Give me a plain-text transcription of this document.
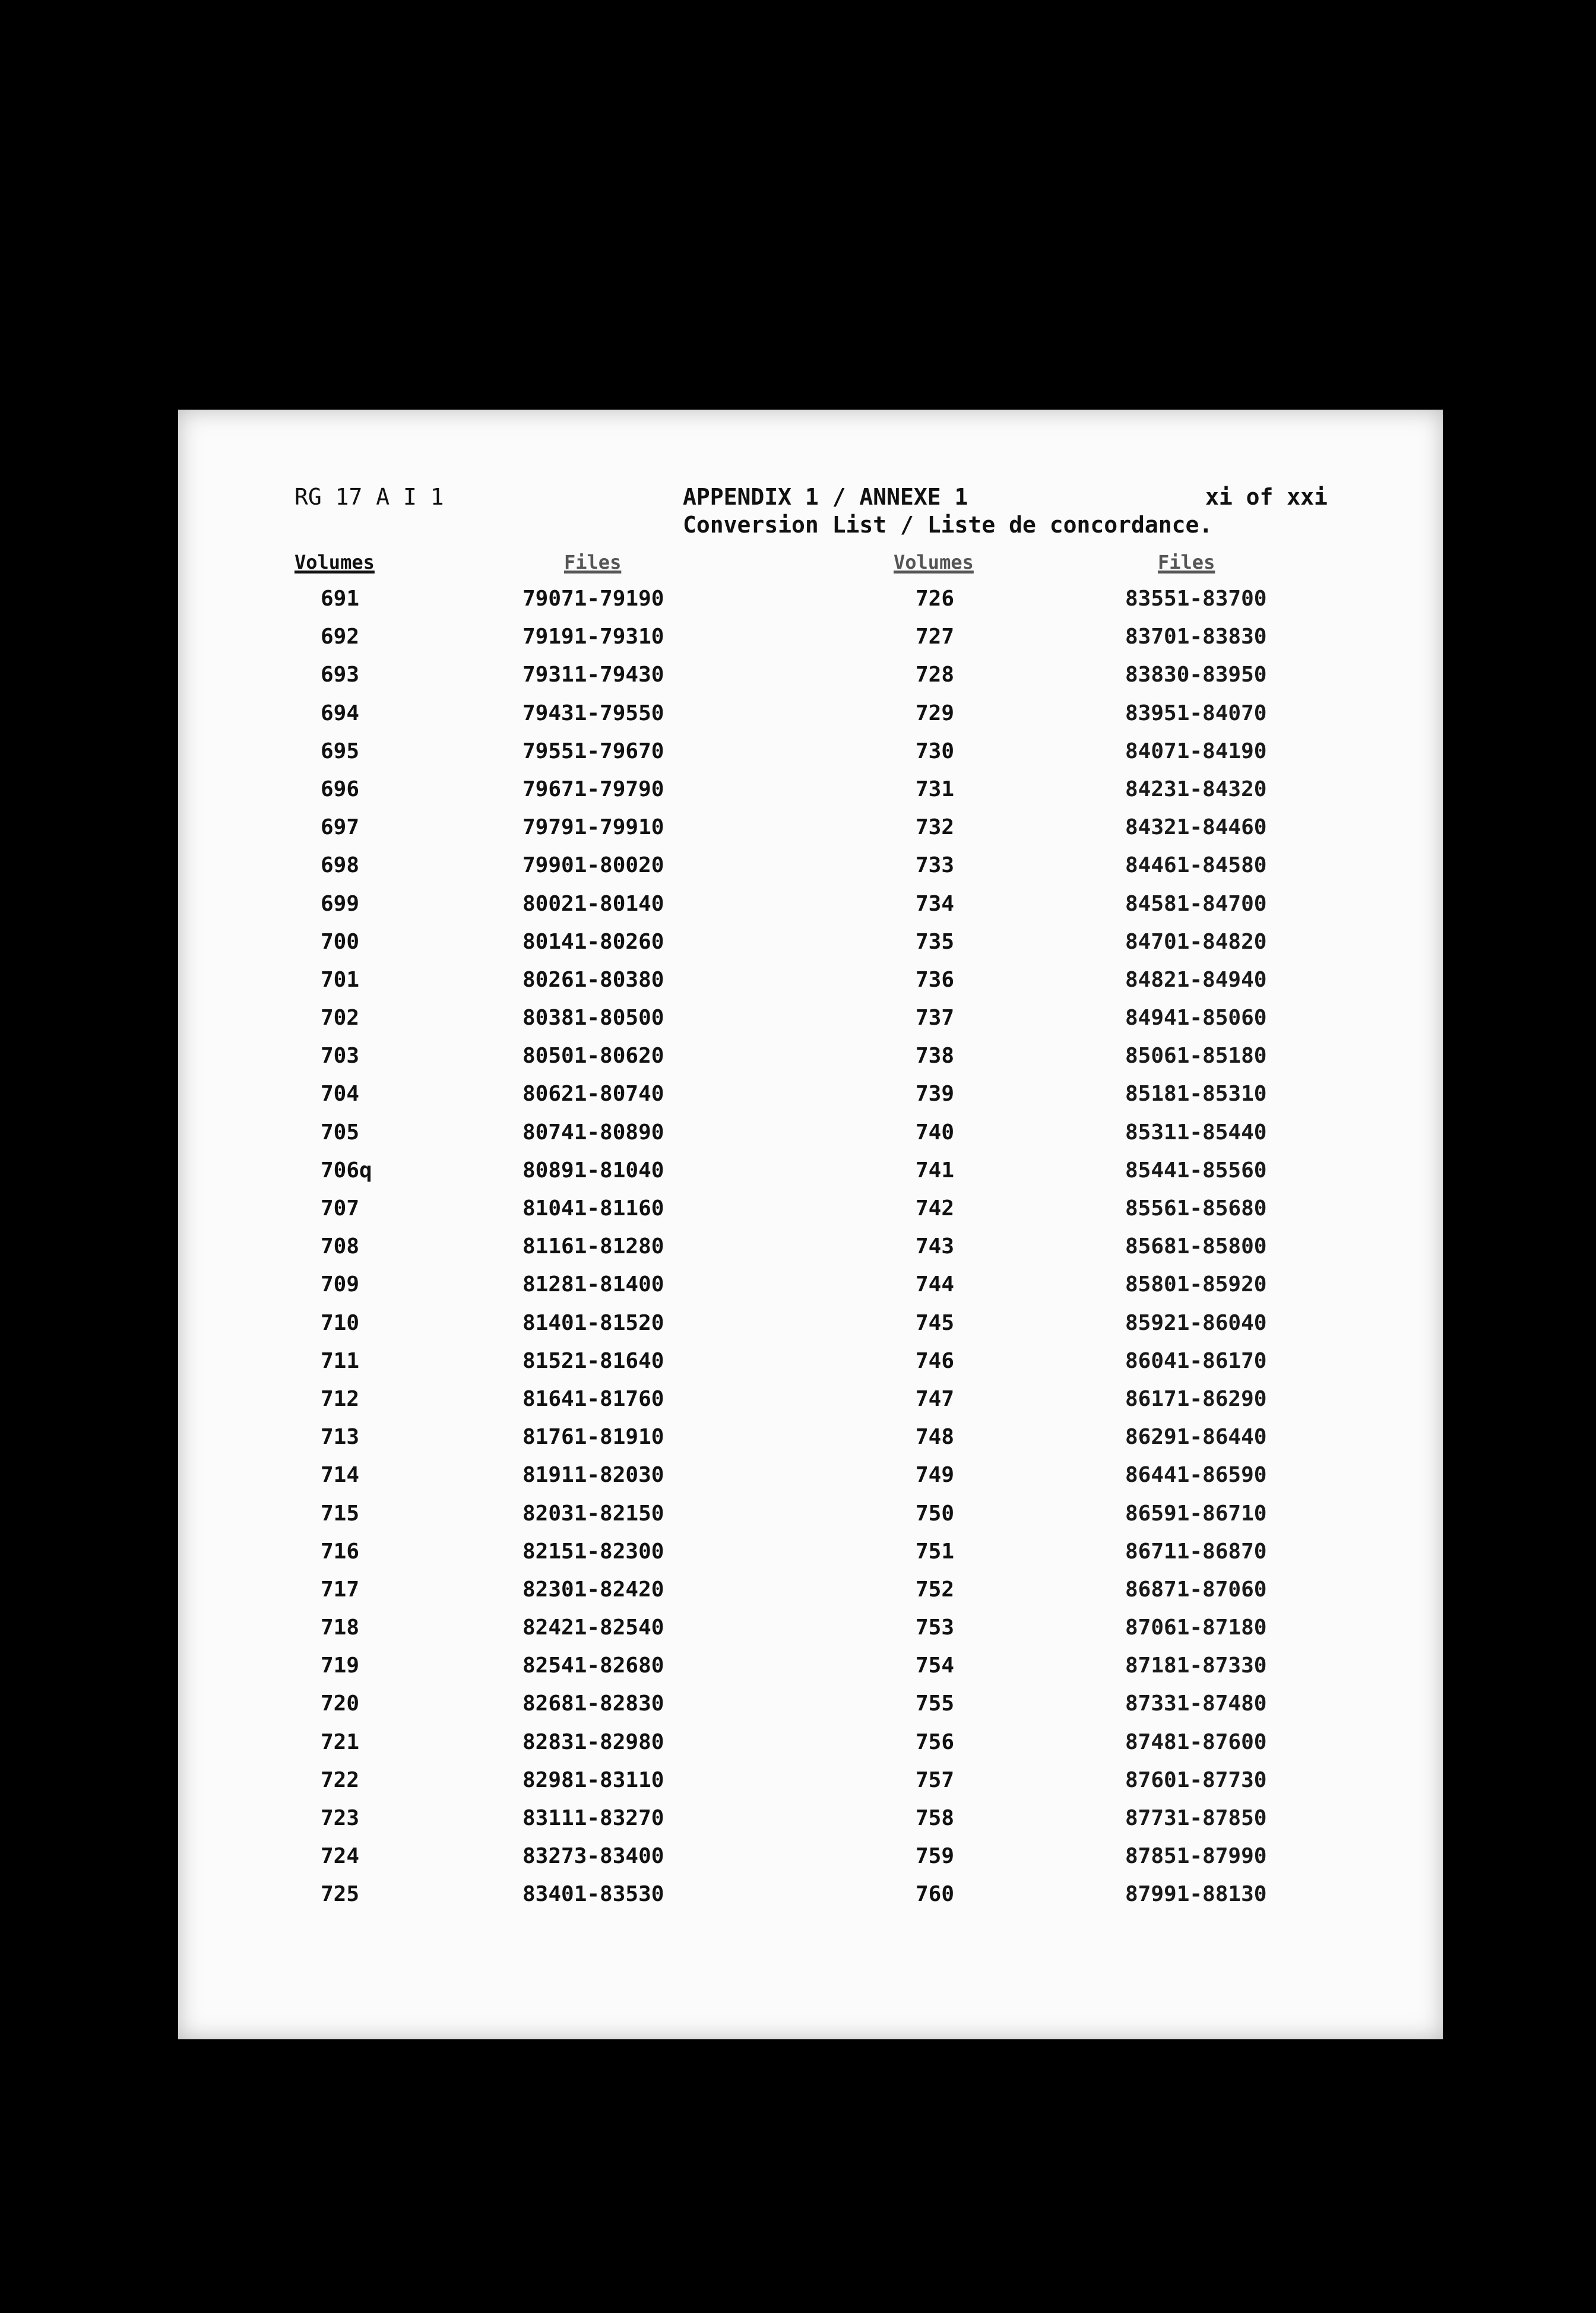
RG 17 A I 1	APPENDIX 1 / ANNEXE 1
Conversion List / Liste de concordance.
xi of xxi
Volumes	Files	Volumes	Files
691	79071-79190	726	83551-83700
692	79191-79310	727	83701-83830
693	79311-79430	728	83830-83950
694	79431-79550	729	83951-84070
695	79551-79670	730	84071-84190
696	79671-79790	731	84231-84320
697	79791-79910	732	84321-84460
698	79901-80020	733	84461-84580
699	80021-80140	734	84581-84700
700	80141-80260	735	84701-84820
701	80261-80380	736	84821-84940
702	80381-80500	737	84941-85060
703	80501-80620	738	85061-85180
704	80621-80740	739	85181-85310
705	80741-80890	740	85311-85440
706q	80891-81040	741	85441-85560
707	81041-81160	742	85561-85680
708	81161-81280	743	85681-85800
709	81281-81400	744	85801-85920
710	81401-81520	745	85921-86040
711	81521-81640	746	86041-86170
712	81641-81760	747	86171-86290
713	81761-81910	748	86291-86440
714	81911-82030	749	86441-86590
715	82031-82150	750	86591-86710
716	82151-82300	751	86711-86870
717	82301-82420	752	86871-87060
718	82421-82540	753	87061-87180
719	82541-82680	754	87181-87330
720	82681-82830	755	87331-87480
721	82831-82980	756	87481-87600
722	82981-83110	757	87601-87730
723	83111-83270	758	87731-87850
724	83273-83400	759	87851-87990
725	83401-83530	760	87991-88130
